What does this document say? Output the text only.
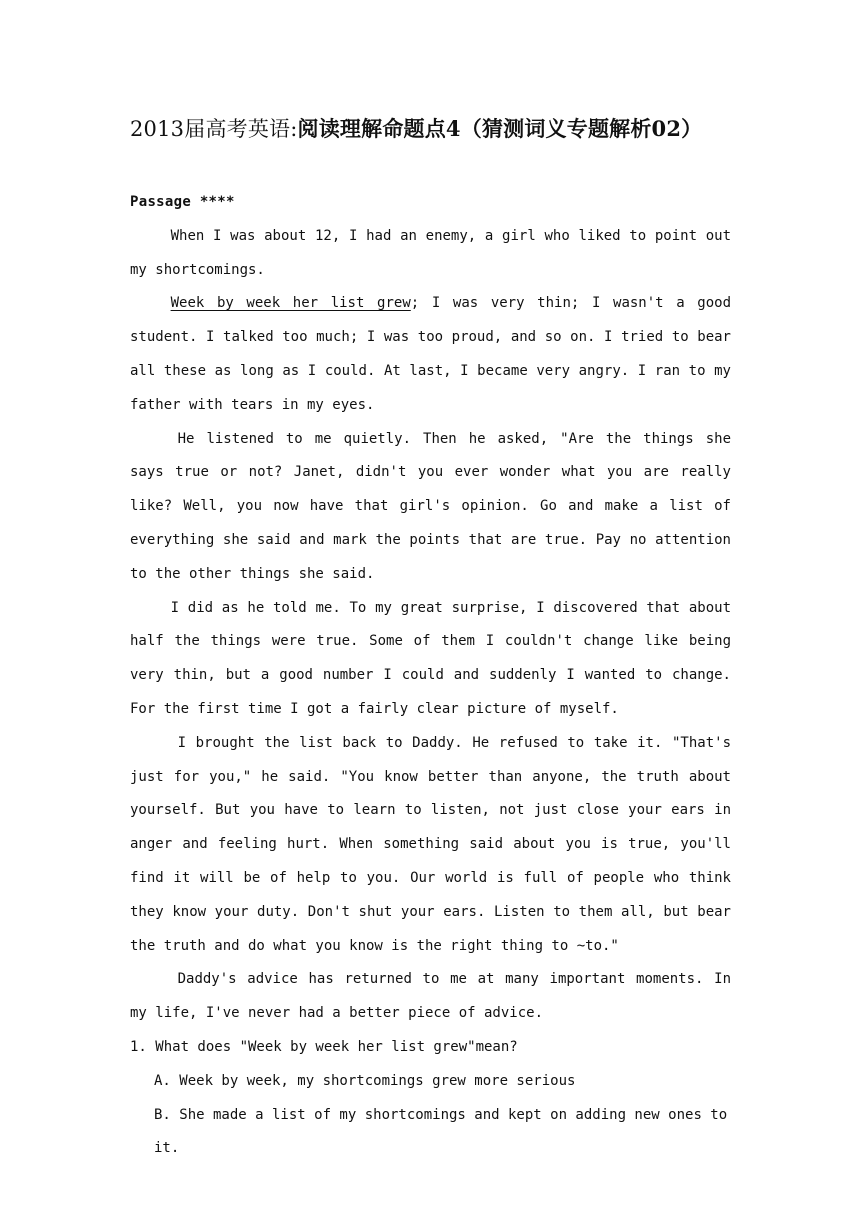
2013届高考英语:阅读理解命题点4（猜测词义专题解析02）

Passage ****

When I was about 12, I had an enemy, a girl who liked to point out my shortcomings.

Week by week her list grew; I was very thin; I wasn't a good student. I talked too much; I was too proud, and so on. I tried to bear all these as long as I could. At last, I became very angry. I ran to my father with tears in my eyes.

He listened to me quietly. Then he asked, "Are the things she says true or not? Janet, didn't you ever wonder what you are really like? Well, you now have that girl's opinion. Go and make a list of everything she said and mark the points that are true. Pay no attention to the other things she said.

I did as he told me. To my great surprise, I discovered that about half the things were true. Some of them I couldn't change like being very thin, but a good number I could and suddenly I wanted to change. For the first time I got a fairly clear picture of myself.

I brought the list back to Daddy. He refused to take it. "That's just for you," he said. "You know better than anyone, the truth about yourself. But you have to learn to listen, not just close your ears in anger and feeling hurt. When something said about you is true, you'll find it will be of help to you. Our world is full of people who think they know your duty. Don't shut your ears. Listen to them all, but bear the truth and do what you know is the right thing to ~to."

Daddy's advice has returned to me at many important moments. In my life, I've never had a better piece of advice.

1. What does "Week by week her list grew"mean?

A. Week by week, my shortcomings grew more serious

B. She made a list of my shortcomings and kept on adding new ones to it.
